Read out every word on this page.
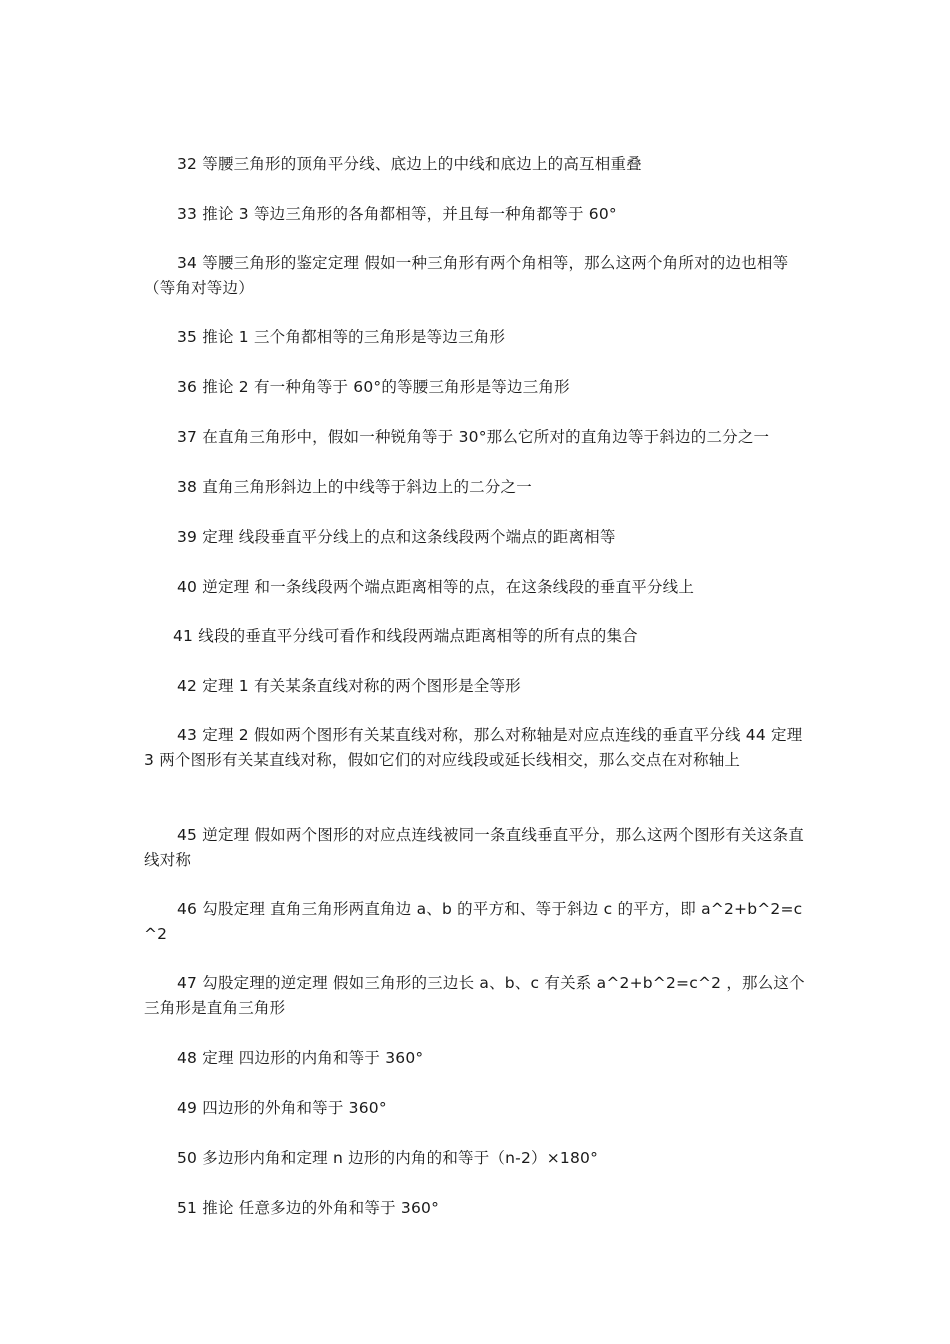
32 等腰三角形的顶角平分线、底边上的中线和底边上的高互相重叠

33 推论 3 等边三角形的各角都相等，并且每一种角都等于 60°

34 等腰三角形的鉴定定理 假如一种三角形有两个角相等，那么这两个角所对的边也相等（等角对等边）

35 推论 1 三个角都相等的三角形是等边三角形

36 推论 2 有一种角等于 60°的等腰三角形是等边三角形

37 在直角三角形中，假如一种锐角等于 30°那么它所对的直角边等于斜边的二分之一

38 直角三角形斜边上的中线等于斜边上的二分之一

39 定理 线段垂直平分线上的点和这条线段两个端点的距离相等

40 逆定理 和一条线段两个端点距离相等的点，在这条线段的垂直平分线上

41 线段的垂直平分线可看作和线段两端点距离相等的所有点的集合

42 定理 1 有关某条直线对称的两个图形是全等形

43 定理 2 假如两个图形有关某直线对称，那么对称轴是对应点连线的垂直平分线 44 定理 3 两个图形有关某直线对称，假如它们的对应线段或延长线相交，那么交点在对称轴上

45 逆定理 假如两个图形的对应点连线被同一条直线垂直平分，那么这两个图形有关这条直线对称

46 勾股定理 直角三角形两直角边 a、b 的平方和、等于斜边 c 的平方，即 a^2+b^2=c^2

47 勾股定理的逆定理 假如三角形的三边长 a、b、c 有关系 a^2+b^2=c^2 ，那么这个三角形是直角三角形

48 定理 四边形的内角和等于 360°

49 四边形的外角和等于 360°

50 多边形内角和定理 n 边形的内角的和等于（n-2）×180°

51 推论 任意多边的外角和等于 360°
